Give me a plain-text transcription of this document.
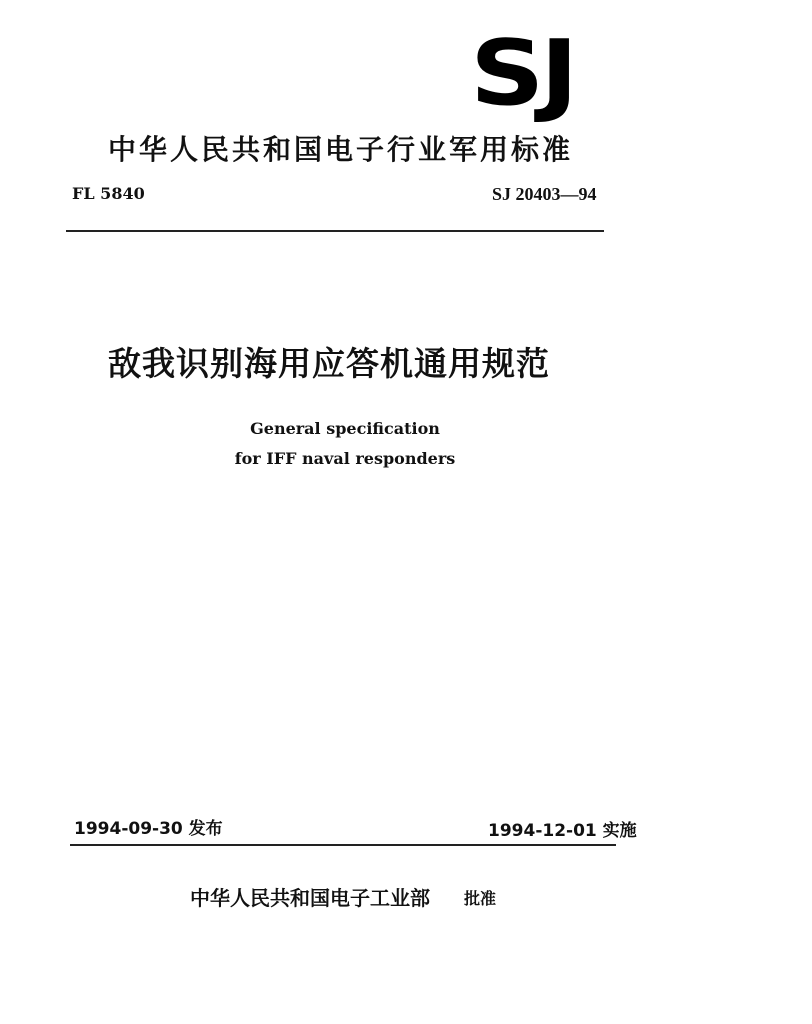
SJ
中华人民共和国电子行业军用标准
FL 5840	SJ 20403—94
敌我识别海用应答机通用规范
General specification
for IFF naval responders
1994-09-30 发布	1994-12-01 实施
中华人民共和国电子工业部 批准
